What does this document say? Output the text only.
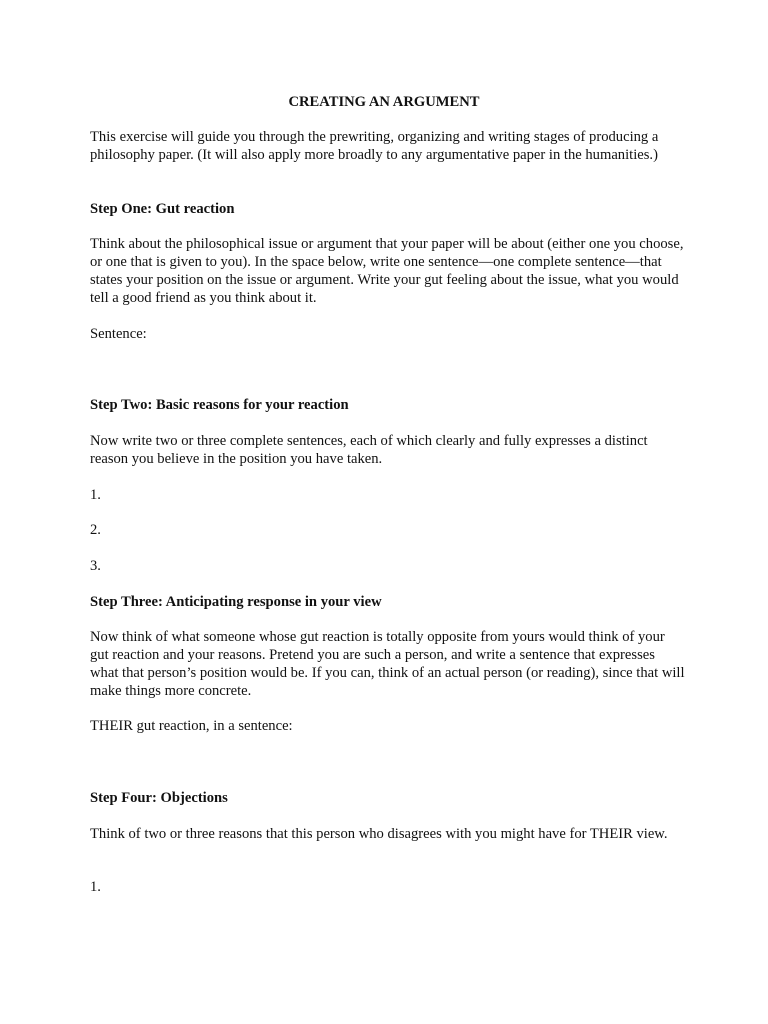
CREATING AN ARGUMENT

This exercise will guide you through the prewriting, organizing and writing stages of producing a philosophy paper. (It will also apply more broadly to any argumentative paper in the humanities.)

Step One: Gut reaction

Think about the philosophical issue or argument that your paper will be about (either one you choose, or one that is given to you). In the space below, write one sentence—one complete sentence—that states your position on the issue or argument. Write your gut feeling about the issue, what you would tell a good friend as you think about it.

Sentence:

Step Two: Basic reasons for your reaction

Now write two or three complete sentences, each of which clearly and fully expresses a distinct reason you believe in the position you have taken.

1.

2.

3.

Step Three: Anticipating response in your view

Now think of what someone whose gut reaction is totally opposite from yours would think of your gut reaction and your reasons. Pretend you are such a person, and write a sentence that expresses what that person’s position would be. If you can, think of an actual person (or reading), since that will make things more concrete.

THEIR gut reaction, in a sentence:

Step Four: Objections

Think of two or three reasons that this person who disagrees with you might have for THEIR view.

1.
